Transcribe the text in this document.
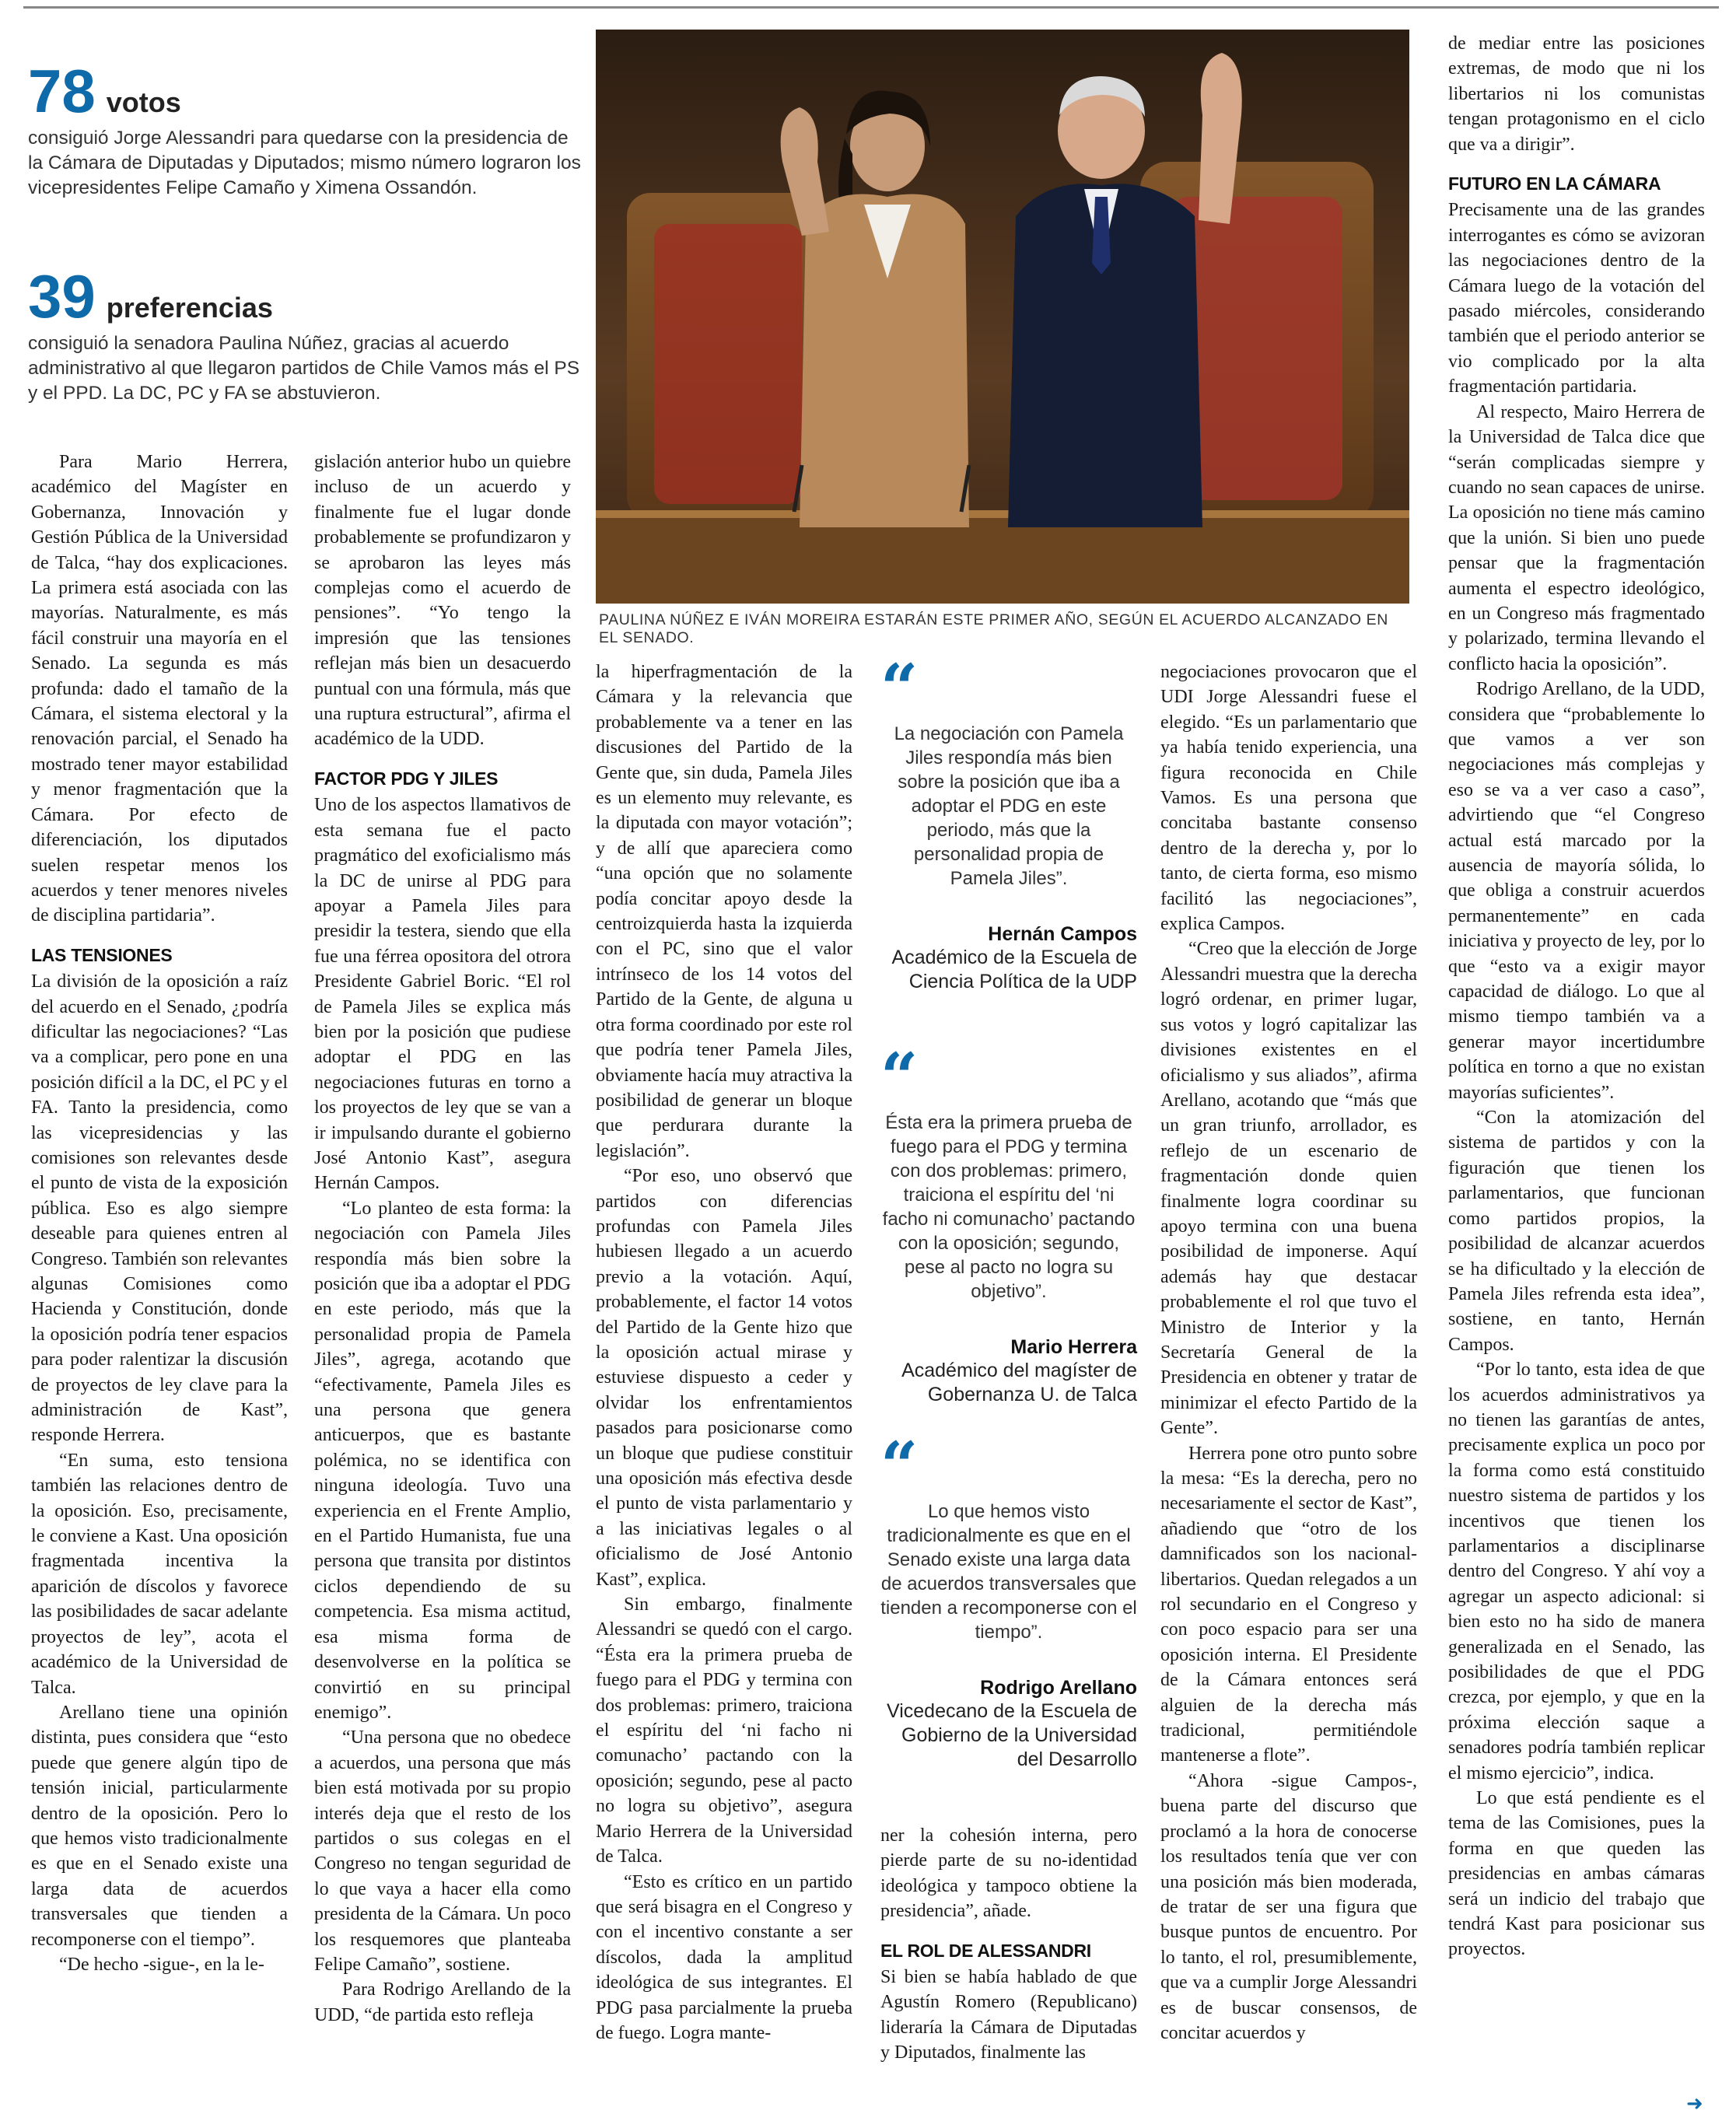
78 votos
consiguió Jorge Alessandri para quedarse con la presidencia de la Cámara de Diputadas y Diputados; mismo número lograron los vicepresidentes Felipe Camaño y Ximena Ossandón.
39 preferencias
consiguió la senadora Paulina Núñez, gracias al acuerdo administrativo al que llegaron partidos de Chile Vamos más el PS y el PPD. La DC, PC y FA se abstuvieron.

Para Mario Herrera, académico del Magíster en Gobernanza, Innovación y Gestión Pública de la Universidad de Talca, “hay dos explicaciones. La primera está asociada con las mayorías. Naturalmente, es más fácil construir una mayoría en el Senado. La segunda es más profunda: dado el tamaño de la Cámara, el sistema electoral y la renovación parcial, el Senado ha mostrado tener mayor estabilidad y menor fragmentación que la Cámara. Por efecto de diferenciación, los diputados suelen respetar menos los acuerdos y tener menores niveles de disciplina partidaria”.

LAS TENSIONES

La división de la oposición a raíz del acuerdo en el Senado, ¿podría dificultar las negociaciones? “Las va a complicar, pero pone en una posición difícil a la DC, el PC y el FA. Tanto la presidencia, como las vicepresidencias y las comisiones son relevantes desde el punto de vista de la exposición pública. Eso es algo siempre deseable para quienes entren al Congreso. También son relevantes algunas Comisiones como Hacienda y Constitución, donde la oposición podría tener espacios para poder ralentizar la discusión de proyectos de ley clave para la administración de Kast”, responde Herrera.

“En suma, esto tensiona también las relaciones dentro de la oposición. Eso, precisamente, le conviene a Kast. Una oposición fragmentada incentiva la aparición de díscolos y favorece las posibilidades de sacar adelante proyectos de ley”, acota el académico de la Universidad de Talca.

Arellano tiene una opinión distinta, pues considera que “esto puede que genere algún tipo de tensión inicial, particularmente dentro de la oposición. Pero lo que hemos visto tradicionalmente es que en el Senado existe una larga data de acuerdos transversales que tienden a recomponerse con el tiempo”.

“De hecho -sigue-, en la le-

gislación anterior hubo un quiebre incluso de un acuerdo y finalmente fue el lugar donde probablemente se profundizaron y se aprobaron las leyes más complejas como el acuerdo de pensiones”. “Yo tengo la impresión que las tensiones reflejan más bien un desacuerdo puntual con una fórmula, más que una ruptura estructural”, afirma el académico de la UDD.

FACTOR PDG Y JILES

Uno de los aspectos llamativos de esta semana fue el pacto pragmático del exoficialismo más la DC de unirse al PDG para apoyar a Pamela Jiles para presidir la testera, siendo que ella fue una férrea opositora del otrora Presidente Gabriel Boric. “El rol de Pamela Jiles se explica más bien por la posición que pudiese adoptar el PDG en las negociaciones futuras en torno a los proyectos de ley que se van a ir impulsando durante el gobierno José Antonio Kast”, asegura Hernán Campos.

“Lo planteo de esta forma: la negociación con Pamela Jiles respondía más bien sobre la posición que iba a adoptar el PDG en este periodo, más que la personalidad propia de Pamela Jiles”, agrega, acotando que “efectivamente, Pamela Jiles es una persona que genera anticuerpos, que es bastante polémica, no se identifica con ninguna ideología. Tuvo una experiencia en el Frente Amplio, en el Partido Humanista, fue una persona que transita por distintos ciclos dependiendo de su competencia. Esa misma actitud, esa misma forma de desenvolverse en la política se convirtió en su principal enemigo”.

“Una persona que no obedece a acuerdos, una persona que más bien está motivada por su propio interés deja que el resto de los partidos o sus colegas en el Congreso no tengan seguridad de lo que vaya a hacer ella como presidenta de la Cámara. Un poco los resquemores que planteaba Felipe Camaño”, sostiene.

Para Rodrigo Arellando de la UDD, “de partida esto refleja

PAULINA NÚÑEZ E IVÁN MOREIRA ESTARÁN ESTE PRIMER AÑO, SEGÚN EL ACUERDO ALCANZADO EN EL SENADO.

la hiperfragmentación de la Cámara y la relevancia que probablemente va a tener en las discusiones del Partido de la Gente que, sin duda, Pamela Jiles es un elemento muy relevante, es la diputada con mayor votación”; y de allí que apareciera como “una opción que no solamente podía concitar apoyo desde la centroizquierda hasta la izquierda con el PC, sino que el valor intrínseco de los 14 votos del Partido de la Gente, de alguna u otra forma coordinado por este rol que podría tener Pamela Jiles, obviamente hacía muy atractiva la posibilidad de generar un bloque que perdurara durante la legislación”.

“Por eso, uno observó que partidos con diferencias profundas con Pamela Jiles hubiesen llegado a un acuerdo previo a la votación. Aquí, probablemente, el factor 14 votos del Partido de la Gente hizo que la oposición actual mirase y estuviese dispuesto a ceder y olvidar los enfrentamientos pasados para posicionarse como un bloque que pudiese constituir una oposición más efectiva desde el punto de vista parlamentario y a las iniciativas legales o al oficialismo de José Antonio Kast”, explica.

Sin embargo, finalmente Alessandri se quedó con el cargo. “Ésta era la primera prueba de fuego para el PDG y termina con dos problemas: primero, traiciona el espíritu del ‘ni facho ni comunacho’ pactando con la oposición; segundo, pese al pacto no logra su objetivo”, asegura Mario Herrera de la Universidad de Talca.

“Esto es crítico en un partido que será bisagra en el Congreso y con el incentivo constante a ser díscolos, dada la amplitud ideológica de sus integrantes. El PDG pasa parcialmente la prueba de fuego. Logra mante-

“
La negociación con Pamela Jiles respondía más bien sobre la posición que iba a adoptar el PDG en este periodo, más que la personalidad propia de Pamela Jiles”.
Hernán Campos
Académico de la Escuela de Ciencia Política de la UDP
“
Ésta era la primera prueba de fuego para el PDG y termina con dos problemas: primero, traiciona el espíritu del ‘ni facho ni comunacho’ pactando con la oposición; segundo, pese al pacto no logra su objetivo”.
Mario Herrera
Académico del magíster de Gobernanza U. de Talca
“
Lo que hemos visto tradicionalmente es que en el Senado existe una larga data de acuerdos transversales que tienden a recomponerse con el tiempo”.
Rodrigo Arellano
Vicedecano de la Escuela de Gobierno de la Universidad del Desarrollo

ner la cohesión interna, pero pierde parte de su no-identidad ideológica y tampoco obtiene la presidencia”, añade.

EL ROL DE ALESSANDRI

Si bien se había hablado de que Agustín Romero (Republicano) lideraría la Cámara de Diputadas y Diputados, finalmente las

negociaciones provocaron que el UDI Jorge Alessandri fuese el elegido. “Es un parlamentario que ya había tenido experiencia, una figura reconocida en Chile Vamos. Es una persona que concitaba bastante consenso dentro de la derecha y, por lo tanto, de cierta forma, eso mismo facilitó las negociaciones”, explica Campos.

“Creo que la elección de Jorge Alessandri muestra que la derecha logró ordenar, en primer lugar, sus votos y logró capitalizar las divisiones existentes en el oficialismo y sus aliados”, afirma Arellano, acotando que “más que un gran triunfo, arrollador, es reflejo de un escenario de fragmentación donde quien finalmente logra coordinar su apoyo termina con una buena posibilidad de imponerse. Aquí además hay que destacar probablemente el rol que tuvo el Ministro de Interior y la Secretaría General de la Presidencia en obtener y tratar de minimizar el efecto Partido de la Gente”.

Herrera pone otro punto sobre la mesa: “Es la derecha, pero no necesariamente el sector de Kast”, añadiendo que “otro de los damnificados son los nacional-libertarios. Quedan relegados a un rol secundario en el Congreso y con poco espacio para ser una oposición interna. El Presidente de la Cámara entonces será alguien de la derecha más tradicional, permitiéndole mantenerse a flote”.

“Ahora -sigue Campos-, buena parte del discurso que proclamó a la hora de conocerse los resultados tenía que ver con una posición más bien moderada, de tratar de ser una figura que busque puntos de encuentro. Por lo tanto, el rol, presumiblemente, que va a cumplir Jorge Alessandri es de buscar consensos, de concitar acuerdos y

de mediar entre las posiciones extremas, de modo que ni los libertarios ni los comunistas tengan protagonismo en el ciclo que va a dirigir”.

FUTURO EN LA CÁMARA

Precisamente una de las grandes interrogantes es cómo se avizoran las negociaciones dentro de la Cámara luego de la votación del pasado miércoles, considerando también que el periodo anterior se vio complicado por la alta fragmentación partidaria.

Al respecto, Mairo Herrera de la Universidad de Talca dice que “serán complicadas siempre y cuando no sean capaces de unirse. La oposición no tiene más camino que la unión. Si bien uno puede pensar que la fragmentación aumenta el espectro ideológico, en un Congreso más fragmentado y polarizado, termina llevando el conflicto hacia la oposición”.

Rodrigo Arellano, de la UDD, considera que “probablemente lo que vamos a ver son negociaciones más complejas y eso se va a ver caso a caso”, advirtiendo que “el Congreso actual está marcado por la ausencia de mayoría sólida, lo que obliga a construir acuerdos permanentemente” en cada iniciativa y proyecto de ley, por lo que “esto va a exigir mayor capacidad de diálogo. Lo que al mismo tiempo también va a generar mayor incertidumbre política en torno a que no existan mayorías suficientes”.

“Con la atomización del sistema de partidos y con la figuración que tienen los parlamentarios, que funcionan como partidos propios, la posibilidad de alcanzar acuerdos se ha dificultado y la elección de Pamela Jiles refrenda esta idea”, sostiene, en tanto, Hernán Campos.

“Por lo tanto, esta idea de que los acuerdos administrativos ya no tienen las garantías de antes, precisamente explica un poco por la forma como está constituido nuestro sistema de partidos y los incentivos que tienen los parlamentarios a disciplinarse dentro del Congreso. Y ahí voy a agregar un aspecto adicional: si bien esto no ha sido de manera generalizada en el Senado, las posibilidades de que el PDG crezca, por ejemplo, y que en la próxima elección saque a senadores podría también replicar el mismo ejercicio”, indica.

Lo que está pendiente es el tema de las Comisiones, pues la forma en que queden las presidencias en ambas cámaras será un indicio del trabajo que tendrá Kast para posicionar sus proyectos.

➜
